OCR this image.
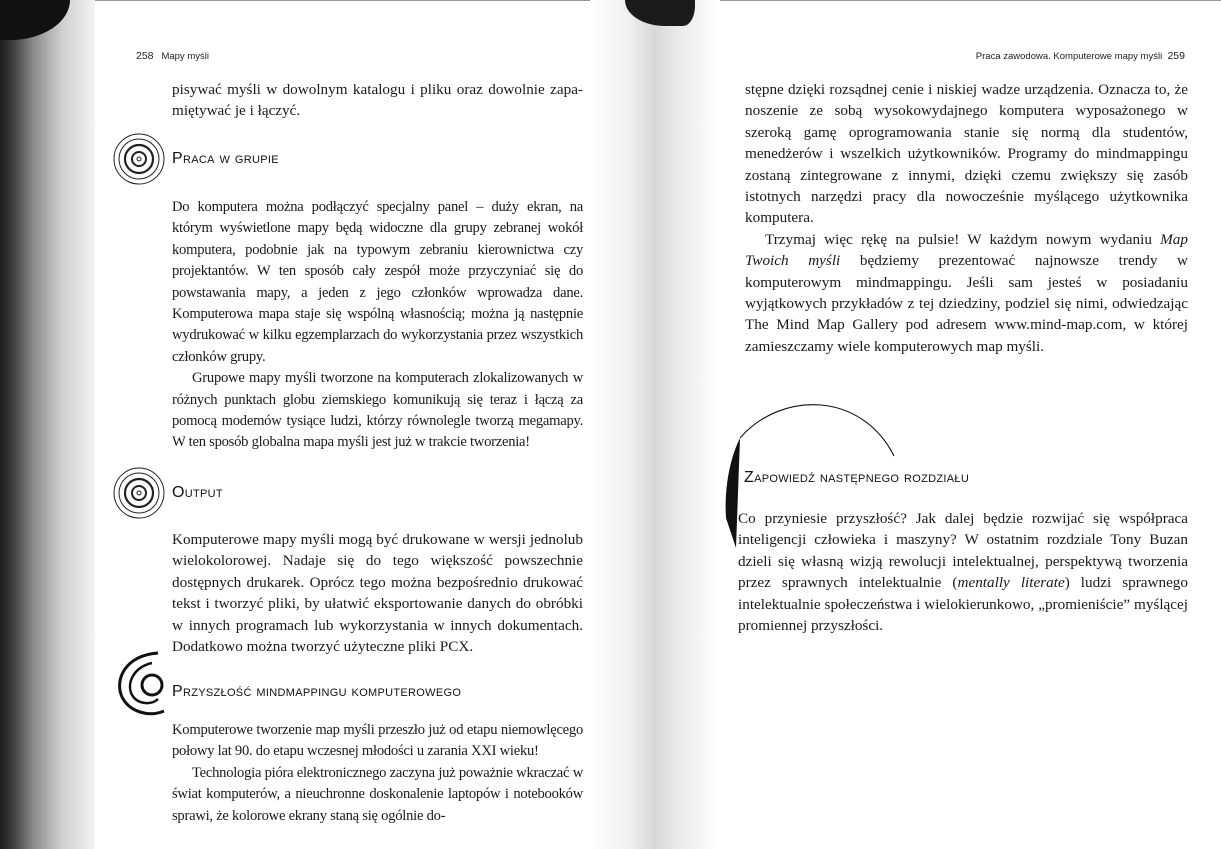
258 Mapy myśli

pisywać myśli w dowolnym katalogu i pliku oraz dowolnie zapa-

miętywać je i łączyć.

Praca w grupie

Do komputera można podłączyć specjalny panel – duży ekran, na którym wyświetlone mapy będą widoczne dla grupy zebranej wokół komputera, podobnie jak na typowym zebraniu kierownictwa czy projektantów. W ten sposób cały zespół może przyczyniać się do powstawania mapy, a jeden z jego członków wprowadza dane. Komputerowa mapa staje się wspólną własnością; można ją następnie wydrukować w kilku egzemplarzach do wykorzystania przez wszystkich członków grupy.

Grupowe mapy myśli tworzone na komputerach zlokalizowanych w różnych punktach globu ziemskiego komunikują się teraz i łączą za pomocą modemów tysiące ludzi, którzy równolegle tworzą megamapy. W ten sposób globalna mapa myśli jest już w trakcie tworzenia!

Output

Komputerowe mapy myśli mogą być drukowane w wersji jednolub wielokolorowej. Nadaje się do tego większość powszechnie dostępnych drukarek. Oprócz tego można bezpośrednio drukować tekst i tworzyć pliki, by ułatwić eksportowanie danych do obróbki w innych programach lub wykorzystania w innych dokumentach. Dodatkowo można tworzyć użyteczne pliki PCX.

Przyszłość mindmappingu komputerowego

Komputerowe tworzenie map myśli przeszło już od etapu niemowlęcego połowy lat 90. do etapu wczesnej młodości u zarania XXI wieku!

Technologia pióra elektronicznego zaczyna już poważnie wkraczać w świat komputerów, a nieuchronne doskonalenie laptopów i notebooków sprawi, że kolorowe ekrany staną się ogólnie do-

Praca zawodowa. Komputerowe mapy myśli 259

stępne dzięki rozsądnej cenie i niskiej wadze urządzenia. Oznacza to, że noszenie ze sobą wysokowydajnego komputera wyposażonego w szeroką gamę oprogramowania stanie się normą dla studentów, menedżerów i wszelkich użytkowników. Programy do mindmappingu zostaną zintegrowane z innymi, dzięki czemu zwiększy się zasób istotnych narzędzi pracy dla nowocześnie myślącego użytkownika komputera.

Trzymaj więc rękę na pulsie! W każdym nowym wydaniu Map Twoich myśli będziemy prezentować najnowsze trendy w komputerowym mindmappingu. Jeśli sam jesteś w posiadaniu wyjątkowych przykładów z tej dziedziny, podziel się nimi, odwiedzając The Mind Map Gallery pod adresem www.mind-map.com, w której zamieszczamy wiele komputerowych map myśli.

Zapowiedź następnego rozdziału

Co przyniesie przyszłość? Jak dalej będzie rozwijać się współpraca inteligencji człowieka i maszyny? W ostatnim rozdziale Tony Buzan dzieli się własną wizją rewolucji intelektualnej, perspektywą tworzenia przez sprawnych intelektualnie (mentally literate) ludzi sprawnego intelektualnie społeczeństwa i wielokierunkowo, „promieniście” myślącej promiennej przyszłości.
